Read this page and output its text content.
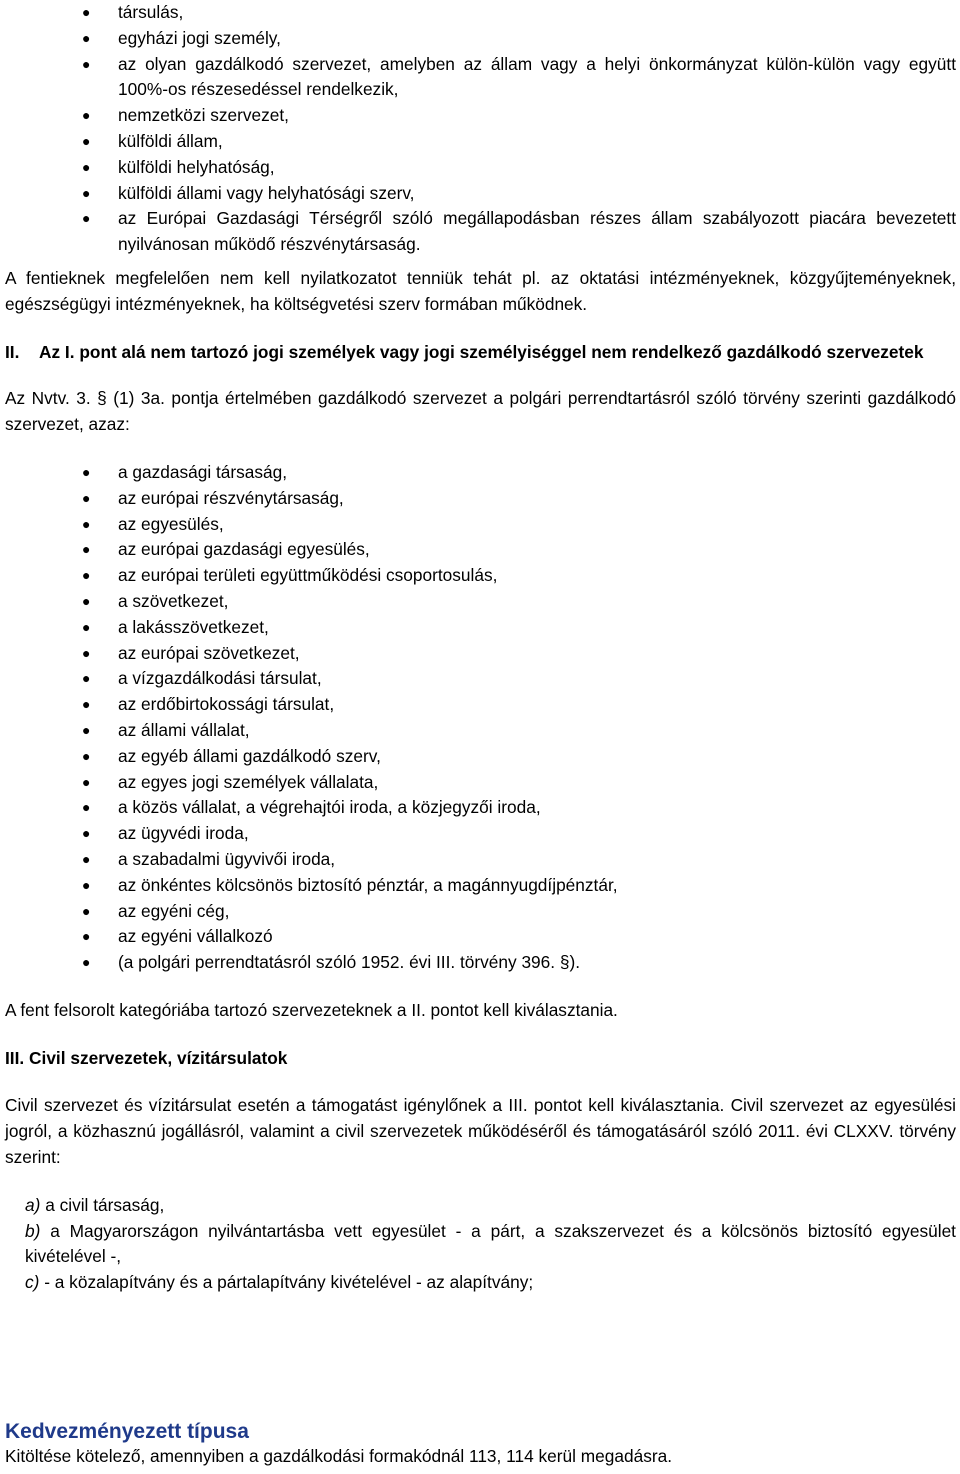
● társulás,
● egyházi jogi személy,
● az olyan gazdálkodó szervezet, amelyben az állam vagy a helyi önkormányzat külön-külön vagy együtt 100%-os részesedéssel rendelkezik,
● nemzetközi szervezet,
● külföldi állam,
● külföldi helyhatóság,
● külföldi állami vagy helyhatósági szerv,
● az Európai Gazdasági Térségről szóló megállapodásban részes állam szabályozott piacára bevezetett nyilvánosan működő részvénytársaság.

A fentieknek megfelelően nem kell nyilatkozatot tenniük tehát pl. az oktatási intézményeknek, közgyűjteményeknek, egészségügyi intézményeknek, ha költségvetési szerv formában működnek.

II.	Az I. pont alá nem tartozó jogi személyek vagy jogi személyiséggel nem rendelkező gazdálkodó szervezetek

Az Nvtv. 3. § (1) 3a. pontja értelmében gazdálkodó szervezet a polgári perrendtartásról szóló törvény szerinti gazdálkodó szervezet, azaz:

● a gazdasági társaság,
● az európai részvénytársaság,
● az egyesülés,
● az európai gazdasági egyesülés,
● az európai területi együttműködési csoportosulás,
● a szövetkezet,
● a lakásszövetkezet,
● az európai szövetkezet,
● a vízgazdálkodási társulat,
● az erdőbirtokossági társulat,
● az állami vállalat,
● az egyéb állami gazdálkodó szerv,
● az egyes jogi személyek vállalata,
● a közös vállalat, a végrehajtói iroda, a közjegyzői iroda,
● az ügyvédi iroda,
● a szabadalmi ügyvivői iroda,
● az önkéntes kölcsönös biztosító pénztár, a magánnyugdíjpénztár,
● az egyéni cég,
● az egyéni vállalkozó
● (a polgári perrendtatásról szóló 1952. évi III. törvény 396. §).

A fent felsorolt kategóriába tartozó szervezeteknek a II. pontot kell kiválasztania.

III. Civil szervezetek, vízitársulatok

Civil szervezet és vízitársulat esetén a támogatást igénylőnek a III. pontot kell kiválasztania. Civil szervezet az egyesülési jogról, a közhasznú jogállásról, valamint a civil szervezetek működéséről és támogatásáról szóló 2011. évi CLXXV. törvény szerint:

a) a civil társaság,
b) a Magyarországon nyilvántartásba vett egyesület - a párt, a szakszervezet és a kölcsönös biztosító egyesület kivételével -,
c) - a közalapítvány és a pártalapítvány kivételével - az alapítvány;
Kedvezményezett típusa
Kitöltése kötelező, amennyiben a gazdálkodási formakódnál 113, 114 kerül megadásra.
